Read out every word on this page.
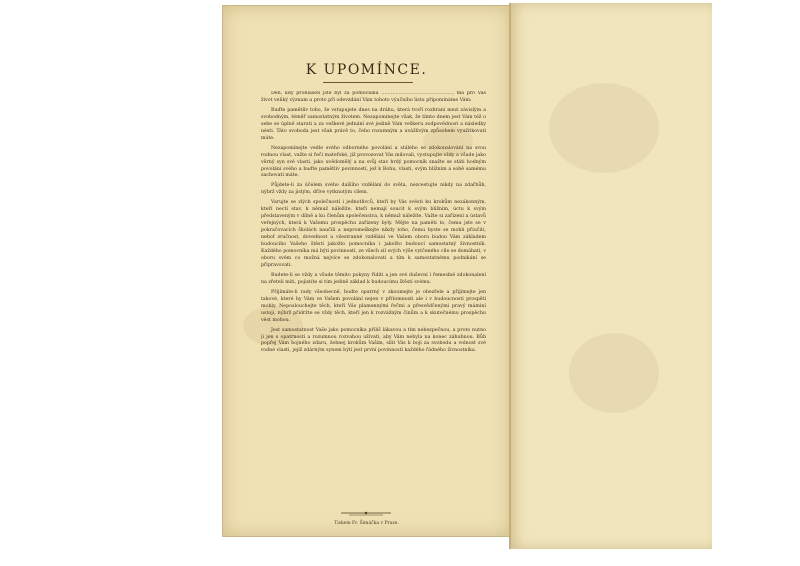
K UPOMÍNCE.

Den, kdy prohlášen jste byl za pomocníka ………………………………………, má pro Vás život veliký význam a proto při odevzdání Vám tohoto výučního listu připomínáme Vám:

Buďte pamětliv toho, že vstupujete dnes na dráhu, která tvoří rozhraní mezi závislým a svobodným, téměř samostatným životem. Nezapomínejte však, že tímto dnem jest Vám též o sebe se úplně starati a za veškeré jednání své jedině Vám veškeru zodpovědnost a následky nésti. Táto svoboda jest však právě to, čeho rozumným a uvážlivým způsobem využitkovati máte.

Nezapomínejte vedle svého odborného povolání a stálého se zdokonalování na svou rodnou vlast, važte si řeči mateřské, již provozovat Vás milovali, vystupujte vždy a všude jako věrný syn své vlasti, jako uvědomělý a na svůj stav hrdý pomocník snažte se státi hodným povolání svého a buďte pamětliv povinností, jež k Bohu, vlasti, svým bližním a sobě samému zachovati máte.

Půjdete-li za účelem svého dalšího vzdělání do světa, nezcestujte nikdy na zdařbůh, nýbrž vždy za jistým, dříve vytknutým cílem.

Varujte se zlých společností i jednotlivců, kteří by Vás svésti ku krokům nezákonným, kteří nectí stav, k němuž náležíte, kteří nemají soucit k svým bližním, úctu k svým představeným v dílně a ku členům společenstva, k němuž náležíte. Važte si zařízení a ústavů veřejných, která k Vašemu prospěchu zařízeny byly. Mějte na paměti to, čemu jste se v pokračovacích školách naučili a nepromeškejte nikdy toho, čemu byste se mohli přiučiti, neboť zručnost, dovednost a všestranné vzdělání ve Vašem oboru budou Vám základem budoucího Vašeho štěstí jakožto pomocníka i jakožto budoucí samostatný živnostník. Každého pomocníka má býti povinností, ze všech sil svých výše vytčeného cíle se domáhati, v oboru svém co možná nejvíce se zdokonalovati a tím k samostatnému podnikání se připravovati.

Budete-li se vždy a všude těmito pokyny říditi a jen své duševní i řemeslné zdokonalení na zřeteli míti, pojistíte si tím jedině základ k budoucímu štěstí svému.

Přijímáte-li rady všeobecně, budte opatrný v zkoumejte je obezřele a přijímejte jen takové, které by Vám ve Vašem povolání nejen v přítomnosti ale i v budoucnosti prospěti mohly. Neposlouchejte těch, kteří Vás plamennými řečmi a přesvědčenými pravý máminí ustoji, nýbrž přidržte se vždy těch, kteří jen k rozvážným činům a k skutečnému prospěchu vést mohou.

Jest samostatnost Vaše jako pomocníka příliš lákavou a tím nebezpečnou, a proto nutno ji jen s opatrností a rozumnou rozvahou užívati, aby Vám nebyla na konec záhubnou. Bůh popřej Vám hojného zdaru, žehnej krokům Vašim, sílit Vás k boji za svobodu a volnost své rodné vlasti, jejíž zdárným synem býti jest první povinností každého řádného živnostníka.

Tiskem Fr. Šimáčka v Praze.
